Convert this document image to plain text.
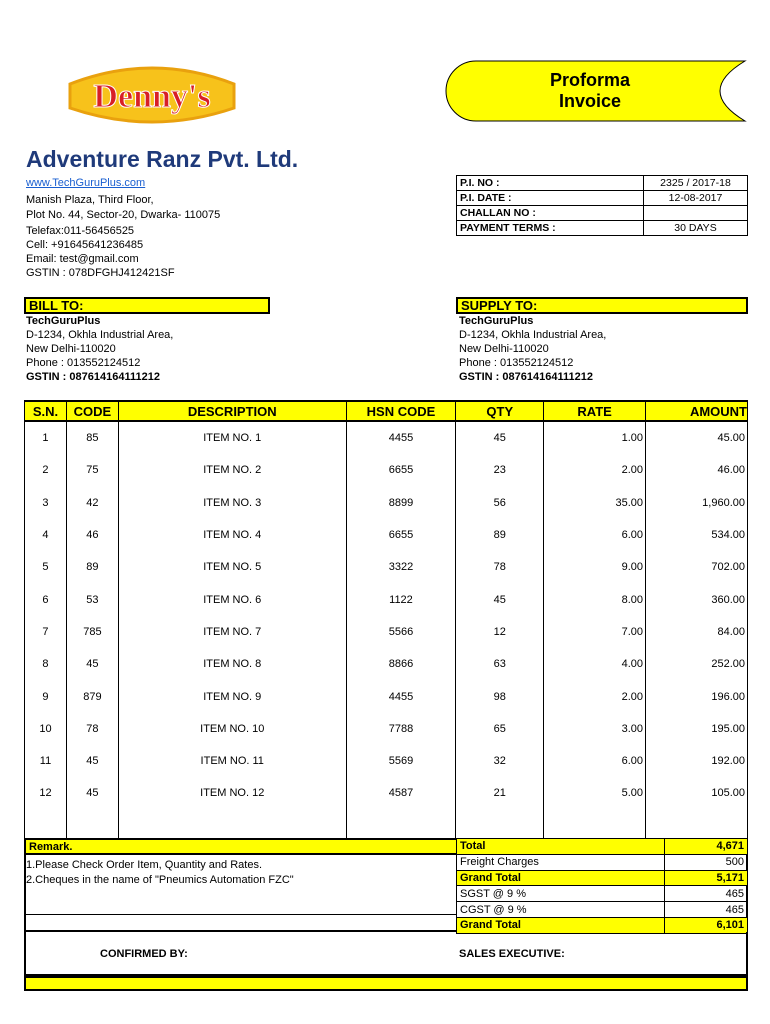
Denny's	Proforma
Invoice
Adventure Ranz Pvt. Ltd.
www.TechGuruPlus.com
Manish Plaza, Third Floor,
Plot No. 44, Sector-20, Dwarka- 110075
Telefax:011-56456525
Cell: +91645641236485
Email: test@gmail.com
GSTIN : 078DFGHJ412421SF
P.I. NO :	2325 / 2017-18
P.I. DATE :	12-08-2017
CHALLAN NO :	
PAYMENT TERMS :	30 DAYS
BILL TO:
TechGuruPlus
D-1234, Okhla Industrial Area,
New Delhi-110020
Phone : 013552124512
GSTIN : 087614164111212
SUPPLY TO:
TechGuruPlus
D-1234, Okhla Industrial Area,
New Delhi-110020
Phone : 013552124512
GSTIN : 087614164111212
S.N.	CODE	DESCRIPTION	HSN CODE	QTY	RATE	AMOUNT
1	85	ITEM NO. 1	4455	45	1.00	45.00
2	75	ITEM NO. 2	6655	23	2.00	46.00
3	42	ITEM NO. 3	8899	56	35.00	1,960.00
4	46	ITEM NO. 4	6655	89	6.00	534.00
5	89	ITEM NO. 5	3322	78	9.00	702.00
6	53	ITEM NO. 6	1122	45	8.00	360.00
7	785	ITEM NO. 7	5566	12	7.00	84.00
8	45	ITEM NO. 8	8866	63	4.00	252.00
9	879	ITEM NO. 9	4455	98	2.00	196.00
10	78	ITEM NO. 10	7788	65	3.00	195.00
11	45	ITEM NO. 11	5569	32	6.00	192.00
12	45	ITEM NO. 12	4587	21	5.00	105.00

Remark.
1.Please Check Order Item, Quantity and Rates.
2.Cheques in the name of "Pneumics Automation FZC"
Total	4,671
Freight Charges	500
Grand Total	5,171
SGST @ 9 %	465
CGST @ 9 %	465
Grand Total	6,101
CONFIRMED BY:	SALES EXECUTIVE:
